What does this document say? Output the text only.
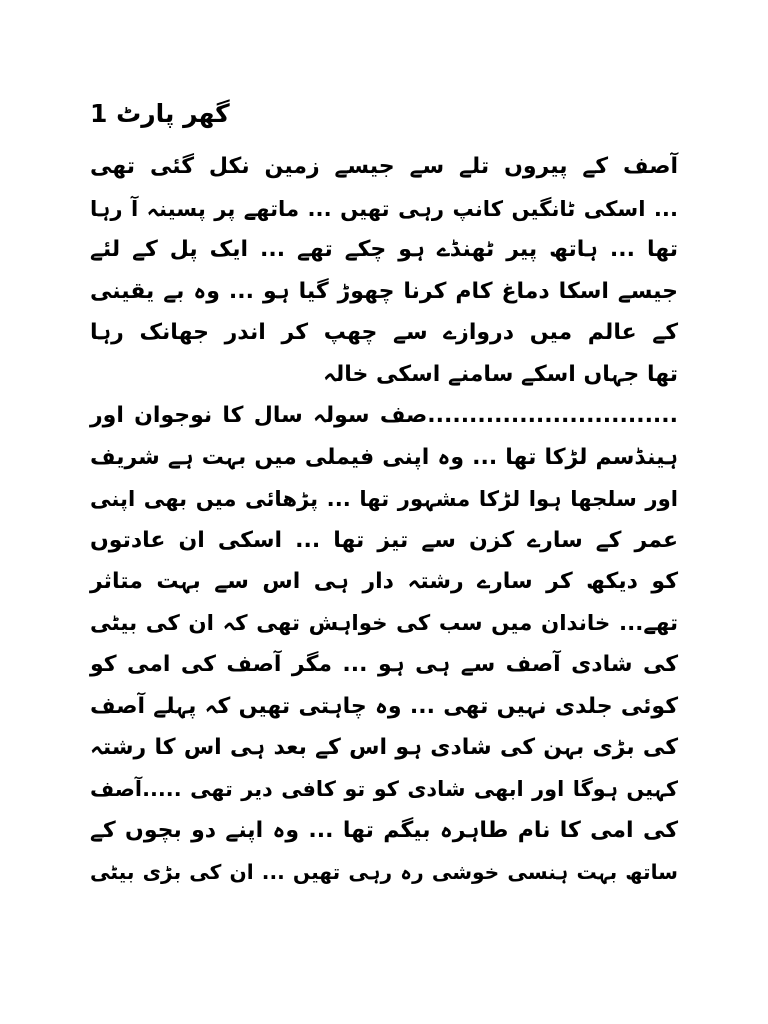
گھر پارٹ 1
آصف کے پیروں تلے سے جیسے زمین نکل گئی تھی
... اسکی ٹانگیں کانپ رہی تھیں ... ماتھے پر پسینہ آ رہا
تھا ... ہاتھ پیر ٹھنڈے ہو چکے تھے ... ایک پل کے لئے
جیسے اسکا دماغ کام کرنا چھوڑ گیا ہو ... وہ بے یقینی
کے عالم میں دروازے سے چھپ کر اندر جھانک رہا
تھا جہاں اسکے سامنے اسکی خالہ
..............................صف سولہ سال کا نوجوان اور
ہینڈسم لڑکا تھا ... وہ اپنی فیملی میں بہت ہے شریف
اور سلجھا ہوا لڑکا مشہور تھا ... پڑھائی میں بھی اپنی
عمر کے سارے کزن سے تیز تھا ... اسکی ان عادتوں
کو دیکھ کر سارے رشتہ دار ہی اس سے بہت متاثر
تھے... خاندان میں سب کی خواہش تھی کہ ان کی بیٹی
کی شادی آصف سے ہی ہو ... مگر آصف کی امی کو
کوئی جلدی نہیں تھی ... وہ چاہتی تھیں کہ پہلے آصف
کی بڑی بہن کی شادی ہو اس کے بعد ہی اس کا رشتہ
کہیں ہوگا اور ابھی شادی کو تو کافی دیر تھی .....آصف
کی امی کا نام طاہرہ بیگم تھا ... وہ اپنے دو بچوں کے
ساتھ بہت ہنسی خوشی رہ رہی تھیں ... ان کی بڑی بیٹی
